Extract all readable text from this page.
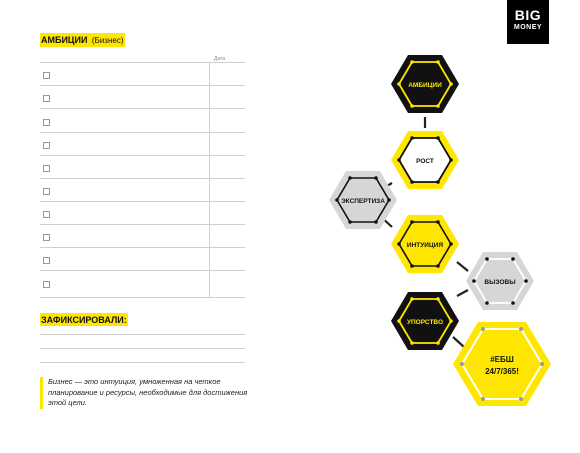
BIG
MONEY
АМБИЦИИ (Бизнес)
Дата
ЗАФИКСИРОВАЛИ:
Бизнес — это интуиция, умноженная на четкое планирование и ресурсы, необходимые для достижения этой цели.
АМБИЦИИ
РОСТ
ЭКСПЕРТИЗА
ИНТУИЦИЯ
ВЫЗОВЫ
УПОРСТВО
#ЕБШ
24/7/365!
